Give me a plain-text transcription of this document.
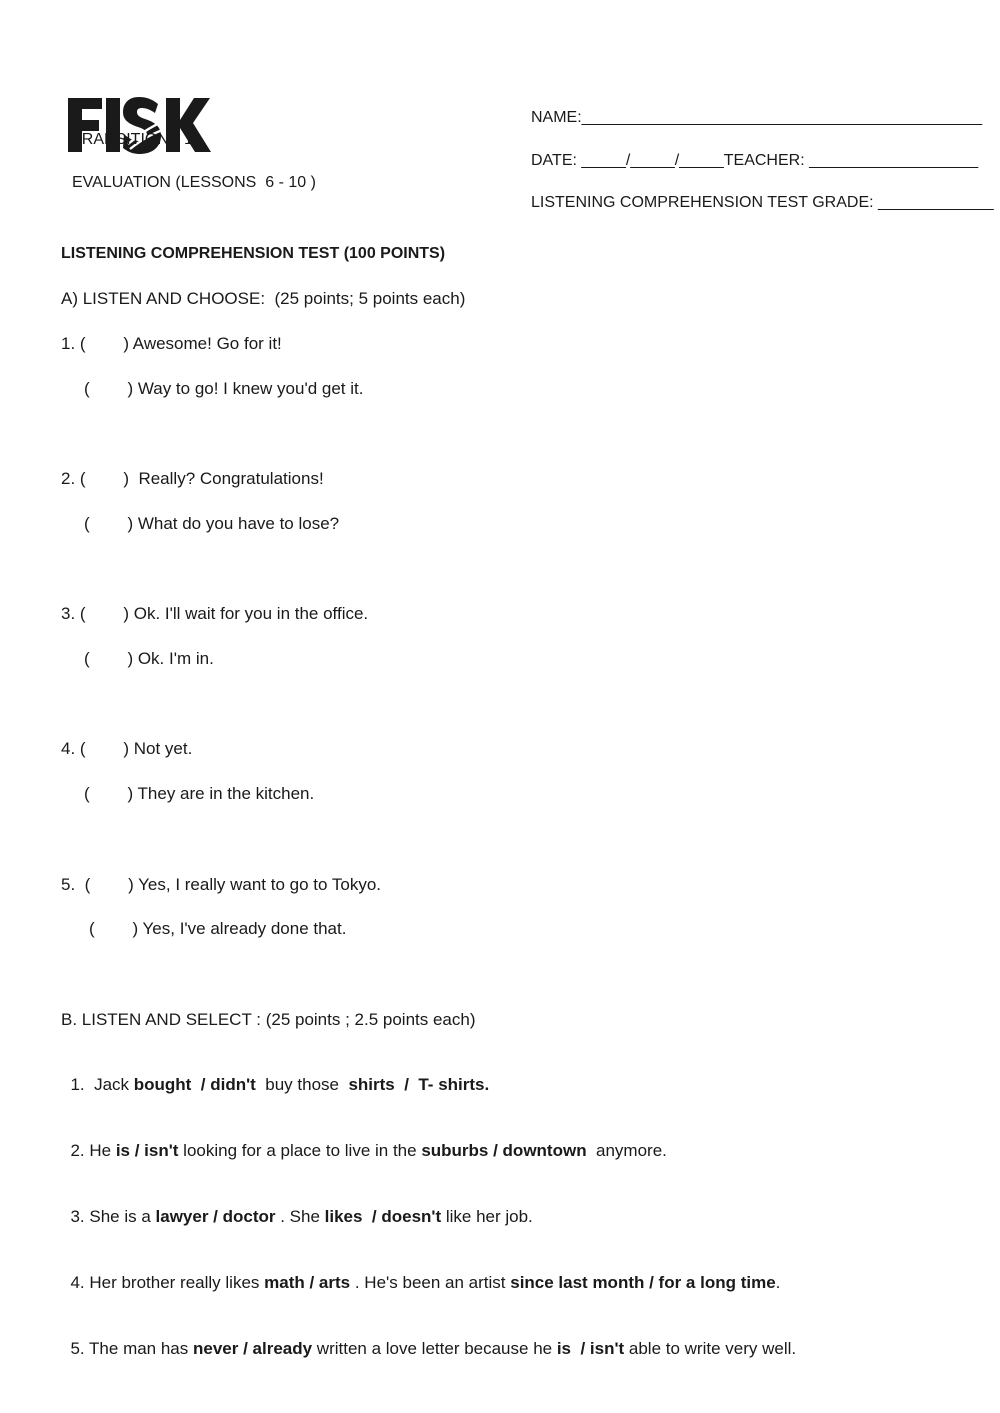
TRANSITIONS 1
EVALUATION (LESSONS  6 - 10 )
NAME:_____________________________________________
DATE: _____/_____/_____TEACHER: ___________________
LISTENING COMPREHENSION TEST GRADE: _____________
LISTENING COMPREHENSION TEST (100 POINTS)
A) LISTEN AND CHOOSE:  (25 points; 5 points each)
1. (        ) Awesome! Go for it!
(        ) Way to go! I knew you'd get it.
2. (        )  Really? Congratulations!
(        ) What do you have to lose?
3. (        ) Ok. I'll wait for you in the office.
(        ) Ok. I'm in.
4. (        ) Not yet.
(        ) They are in the kitchen.
5.  (        ) Yes, I really want to go to Tokyo.
(        ) Yes, I've already done that.
B. LISTEN AND SELECT : (25 points ; 2.5 points each)

1.  Jack bought  / didn't  buy those  shirts  /  T- shirts.

2. He is / isn't looking for a place to live in the suburbs / downtown  anymore.

3. She is a lawyer / doctor . She likes  / doesn't like her job.

4. Her brother really likes math / arts . He's been an artist since last month / for a long time.

5. The man has never / already written a love letter because he is  / isn't able to write very well.
